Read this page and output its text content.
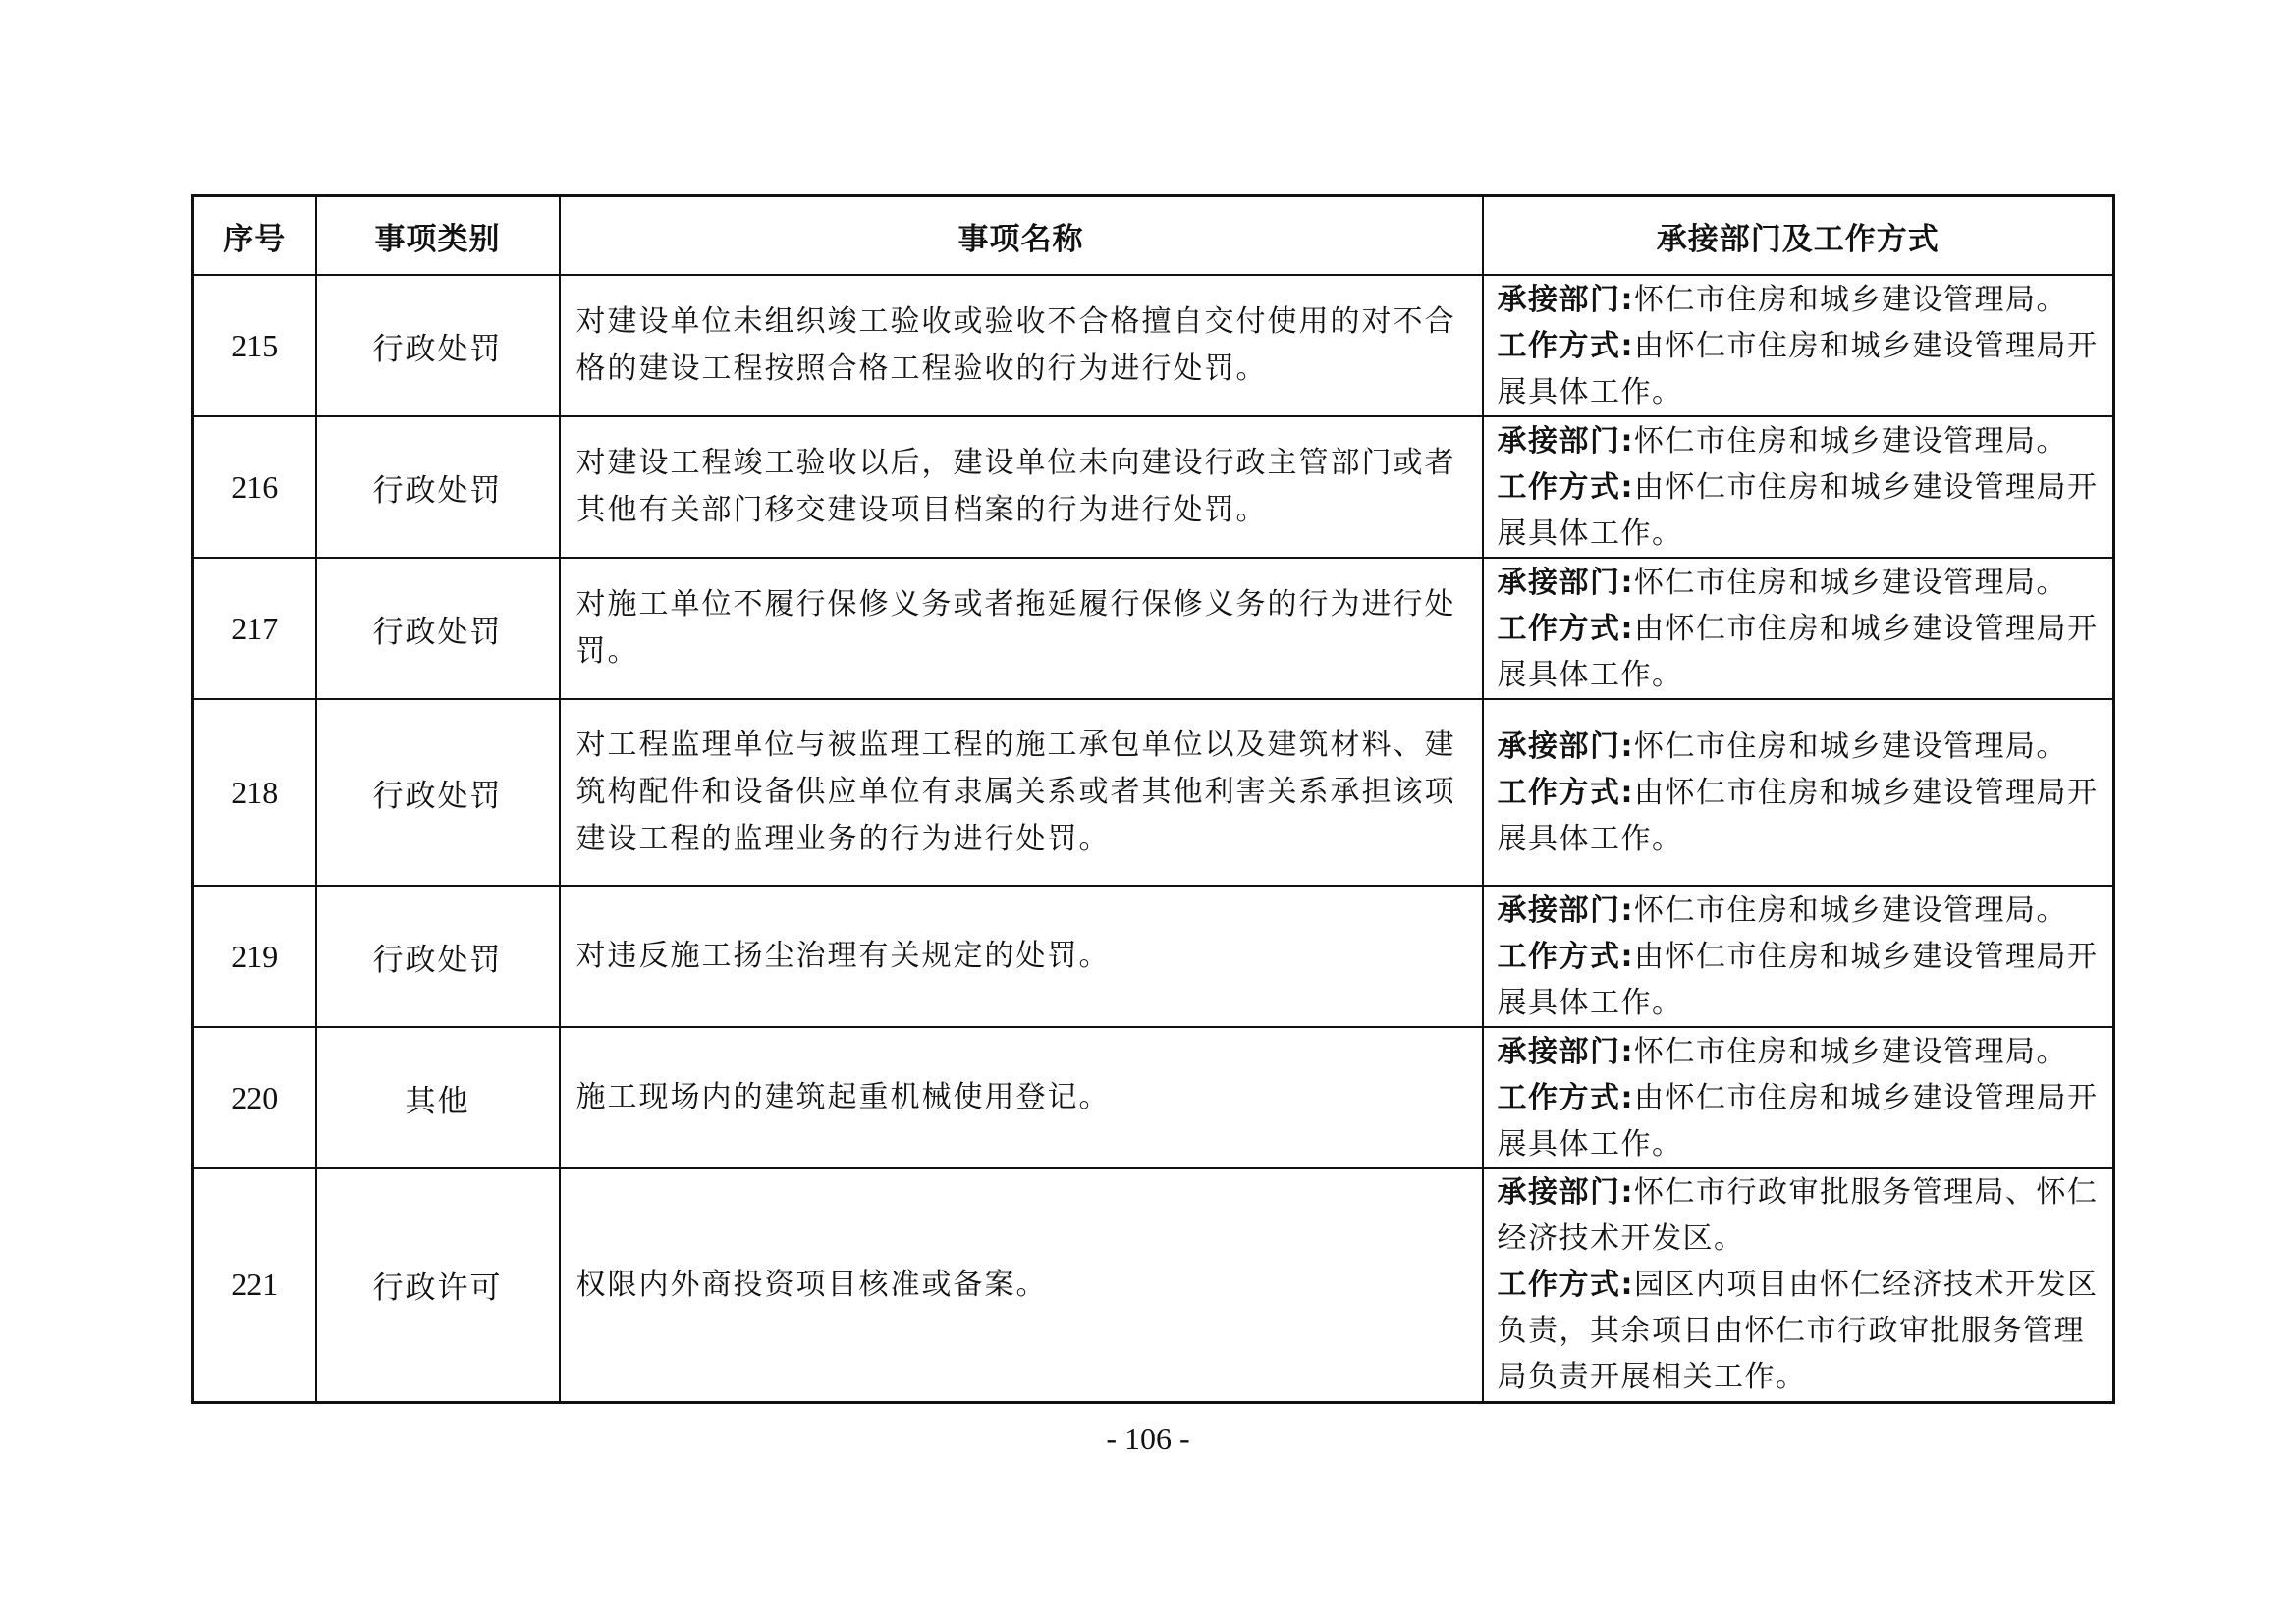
序号	事项类别	事项名称	承接部门及工作方式
215	行政处罚	对建设单位未组织竣工验收或验收不合格擅自交付使用的对不合格的建设工程按照合格工程验收的行为进行处罚。	承接部门:怀仁市住房和城乡建设管理局。
工作方式:由怀仁市住房和城乡建设管理局开展具体工作。
216	行政处罚	对建设工程竣工验收以后，建设单位未向建设行政主管部门或者其他有关部门移交建设项目档案的行为进行处罚。	承接部门:怀仁市住房和城乡建设管理局。
工作方式:由怀仁市住房和城乡建设管理局开展具体工作。
217	行政处罚	对施工单位不履行保修义务或者拖延履行保修义务的行为进行处罚。	承接部门:怀仁市住房和城乡建设管理局。
工作方式:由怀仁市住房和城乡建设管理局开展具体工作。
218	行政处罚	对工程监理单位与被监理工程的施工承包单位以及建筑材料、建筑构配件和设备供应单位有隶属关系或者其他利害关系承担该项建设工程的监理业务的行为进行处罚。	承接部门:怀仁市住房和城乡建设管理局。
工作方式:由怀仁市住房和城乡建设管理局开展具体工作。
219	行政处罚	对违反施工扬尘治理有关规定的处罚。	承接部门:怀仁市住房和城乡建设管理局。
工作方式:由怀仁市住房和城乡建设管理局开展具体工作。
220	其他	施工现场内的建筑起重机械使用登记。	承接部门:怀仁市住房和城乡建设管理局。
工作方式:由怀仁市住房和城乡建设管理局开展具体工作。
221	行政许可	权限内外商投资项目核准或备案。	承接部门:怀仁市行政审批服务管理局、怀仁经济技术开发区。
工作方式:园区内项目由怀仁经济技术开发区负责，其余项目由怀仁市行政审批服务管理局负责开展相关工作。
- 106 -
